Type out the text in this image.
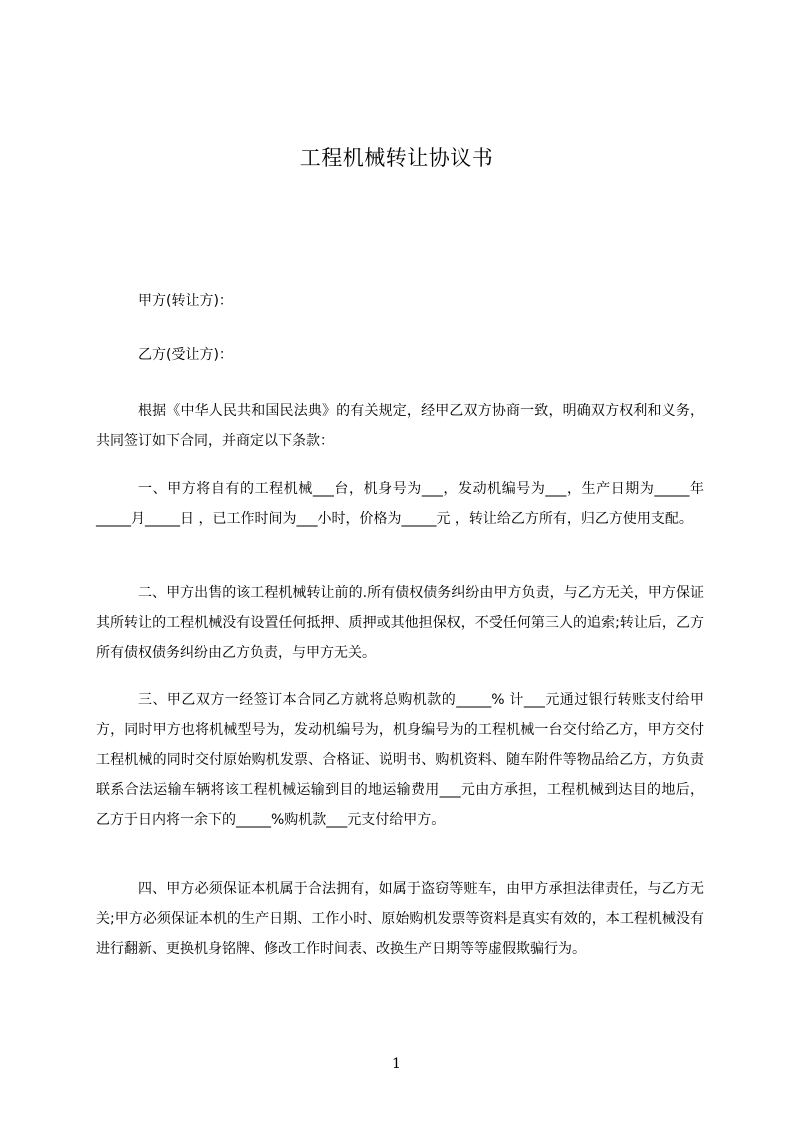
工程机械转让协议书
甲方(转让方)：
乙方(受让方)：
根据《中华人民共和国民法典》的有关规定，经甲乙双方协商一致，明确双方权利和义务，共同签订如下合同，并商定以下条款：
一、甲方将自有的工程机械___台，机身号为___，发动机编号为___，生产日期为_____年_____月_____日 ，已工作时间为___小时，价格为_____元 ，转让给乙方所有，归乙方使用支配。
二、甲方出售的该工程机械转让前的.所有债权债务纠纷由甲方负责，与乙方无关，甲方保证其所转让的工程机械没有设置任何抵押、质押或其他担保权，不受任何第三人的追索;转让后，乙方所有债权债务纠纷由乙方负责，与甲方无关。
三、甲乙双方一经签订本合同乙方就将总购机款的_____% 计___元通过银行转账支付给甲方，同时甲方也将机械型号为，发动机编号为，机身编号为的工程机械一台交付给乙方，甲方交付工程机械的同时交付原始购机发票、合格证、说明书、购机资料、随车附件等物品给乙方，方负责联系合法运输车辆将该工程机械运输到目的地运输费用___元由方承担，工程机械到达目的地后，乙方于日内将一余下的_____%购机款___元支付给甲方。
四、甲方必须保证本机属于合法拥有，如属于盗窃等赃车，由甲方承担法律责任，与乙方无关;甲方必须保证本机的生产日期、工作小时、原始购机发票等资料是真实有效的，本工程机械没有进行翻新、更换机身铭牌、修改工作时间表、改换生产日期等等虚假欺骗行为。
1
